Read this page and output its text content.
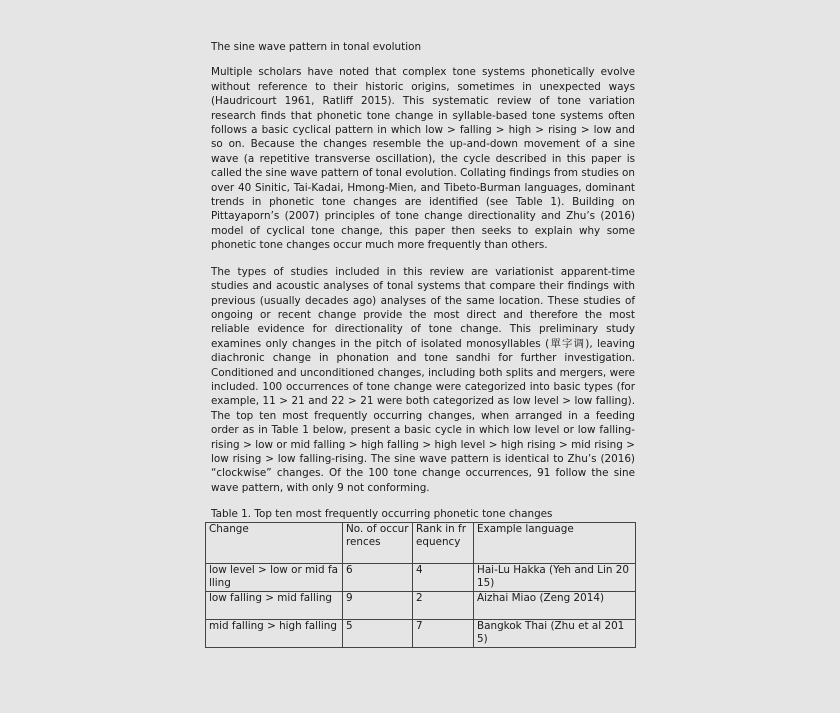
The sine wave pattern in tonal evolution

Multiple scholars have noted that complex tone systems phonetically evolve without reference to their historic origins, sometimes in unexpected ways (Haudricourt 1961, Ratliff 2015). This systematic review of tone variation research finds that phonetic tone change in syllable-based tone systems often follows a basic cyclical pattern in which low > falling > high > rising > low and so on. Because the changes resemble the up-and-down movement of a sine wave (a repetitive transverse oscillation), the cycle described in this paper is called the sine wave pattern of tonal evolution. Collating findings from studies on over 40 Sinitic, Tai-Kadai, Hmong-Mien, and Tibeto-Burman languages, dominant trends in phonetic tone changes are identified (see Table 1). Building on Pittayaporn’s (2007) principles of tone change directionality and Zhu’s (2016) model of cyclical tone change, this paper then seeks to explain why some phonetic tone changes occur much more frequently than others.

The types of studies included in this review are variationist apparent-time studies and acoustic analyses of tonal systems that compare their findings with previous (usually decades ago) analyses of the same location. These studies of ongoing or recent change provide the most direct and therefore the most reliable evidence for directionality of tone change. This preliminary study examines only changes in the pitch of isolated monosyllables (單字调), leaving diachronic change in phonation and tone sandhi for further investigation. Conditioned and unconditioned changes, including both splits and mergers, were included. 100 occurrences of tone change were categorized into basic types (for example, 11 > 21 and 22 > 21 were both categorized as low level > low falling). The top ten most frequently occurring changes, when arranged in a feeding order as in Table 1 below, present a basic cycle in which low level or low falling-rising > low or mid falling > high falling > high level > high rising > mid rising > low rising > low falling-rising. The sine wave pattern is identical to Zhu’s (2016) “clockwise” changes. Of the 100 tone change occurrences, 91 follow the sine wave pattern, with only 9 not conforming.

Table 1. Top ten most frequently occurring phonetic tone changes
Change	No. of occurrences	Rank in frequency	Example language
low level > low or mid falling	6	4	Hai-Lu Hakka (Yeh and Lin 2015)
low falling > mid falling	9	2	Aizhai Miao (Zeng 2014)
mid falling > high falling	5	7	Bangkok Thai (Zhu et al 2015)
